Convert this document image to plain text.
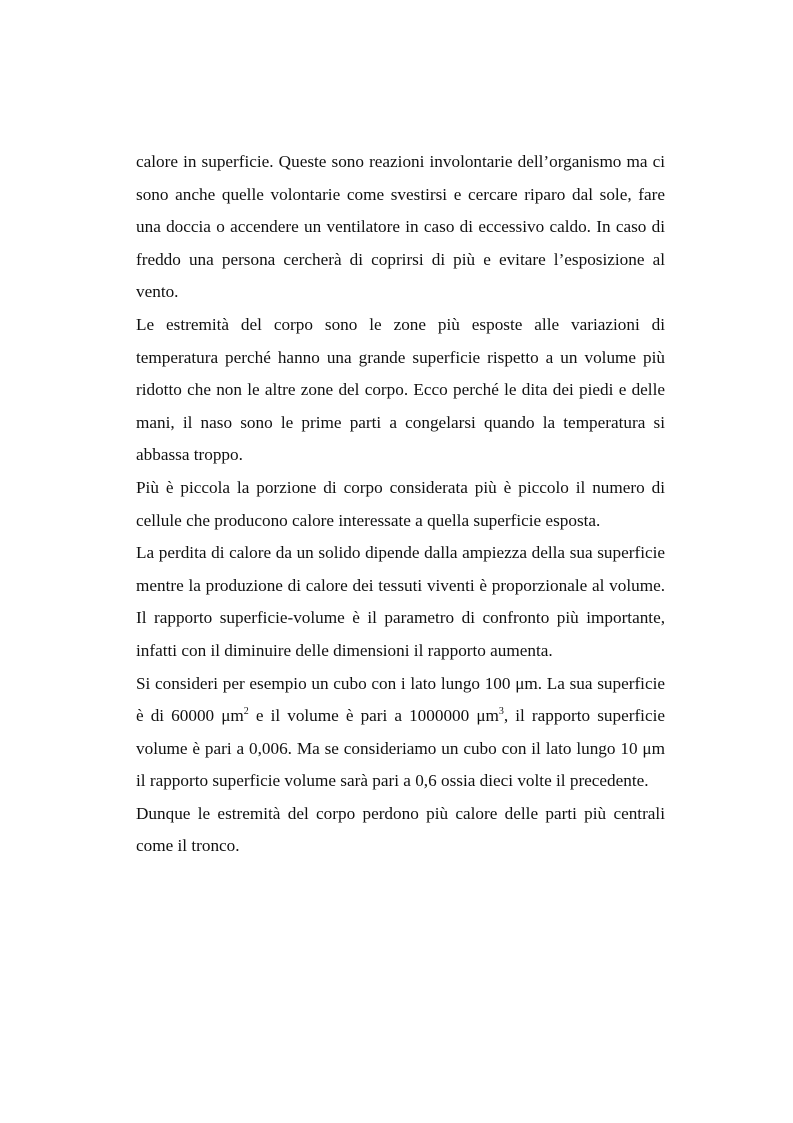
calore in superficie. Queste sono reazioni involontarie dell’organismo ma ci sono anche quelle volontarie come svestirsi e cercare riparo dal sole, fare una doccia o accendere un ventilatore in caso di eccessivo caldo. In caso di freddo una persona cercherà di coprirsi di più e evitare l’esposizione al vento.

Le estremità del corpo sono le zone più esposte alle variazioni di temperatura perché hanno una grande superficie rispetto a un volume più ridotto che non le altre zone del corpo. Ecco perché le dita dei piedi e delle mani, il naso sono le prime parti a congelarsi quando la temperatura si abbassa troppo.

Più è piccola la porzione di corpo considerata più è piccolo il numero di cellule che producono calore interessate a quella superficie esposta.

La perdita di calore da un solido dipende dalla ampiezza della sua superficie mentre la produzione di calore dei tessuti viventi è proporzionale al volume. Il rapporto superficie-volume è il parametro di confronto più importante, infatti con il diminuire delle dimensioni il rapporto aumenta.

Si consideri per esempio un cubo con i lato lungo 100 μm. La sua superficie è di 60000 $\mu m^2$ e il volume è pari a 1000000 $\mu m^3$, il rapporto superficie volume è pari a 0,006. Ma se consideriamo un cubo con il lato lungo 10 μm il rapporto superficie volume sarà pari a 0,6 ossia dieci volte il precedente.

Dunque le estremità del corpo perdono più calore delle parti più centrali come il tronco.
